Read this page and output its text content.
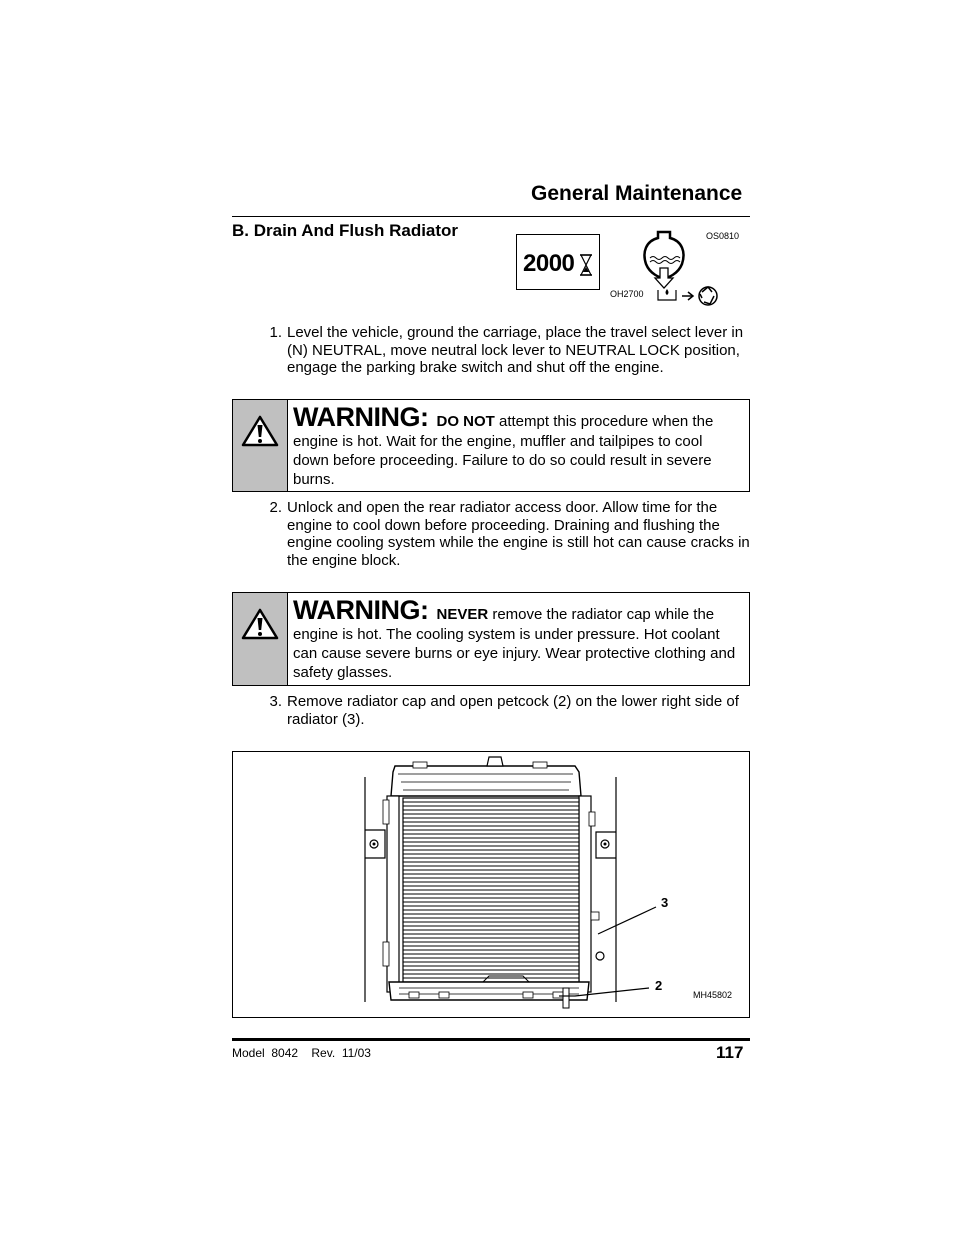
General Maintenance
B. Drain And Flush Radiator
2000
OH2700
OS0810
1. Level the vehicle, ground the carriage, place the travel select lever in (N) NEUTRAL, move neutral lock lever to NEUTRAL LOCK position, engage the parking brake switch and shut off the engine.
WARNING: DO NOT attempt this procedure when the engine is hot. Wait for the engine, muffler and tailpipes to cool down before proceeding. Failure to do so could result in severe burns.
2. Unlock and open the rear radiator access door. Allow time for the engine to cool down before proceeding. Draining and flushing the engine cooling system while the engine is still hot can cause cracks in the engine block.
WARNING: NEVER remove the radiator cap while the engine is hot. The cooling system is under pressure. Hot coolant can cause severe burns or eye injury. Wear protective clothing and safety glasses.
3. Remove radiator cap and open petcock (2) on the lower right side of radiator (3).
3
2
MH45802
Model  8042    Rev.  11/03	117
